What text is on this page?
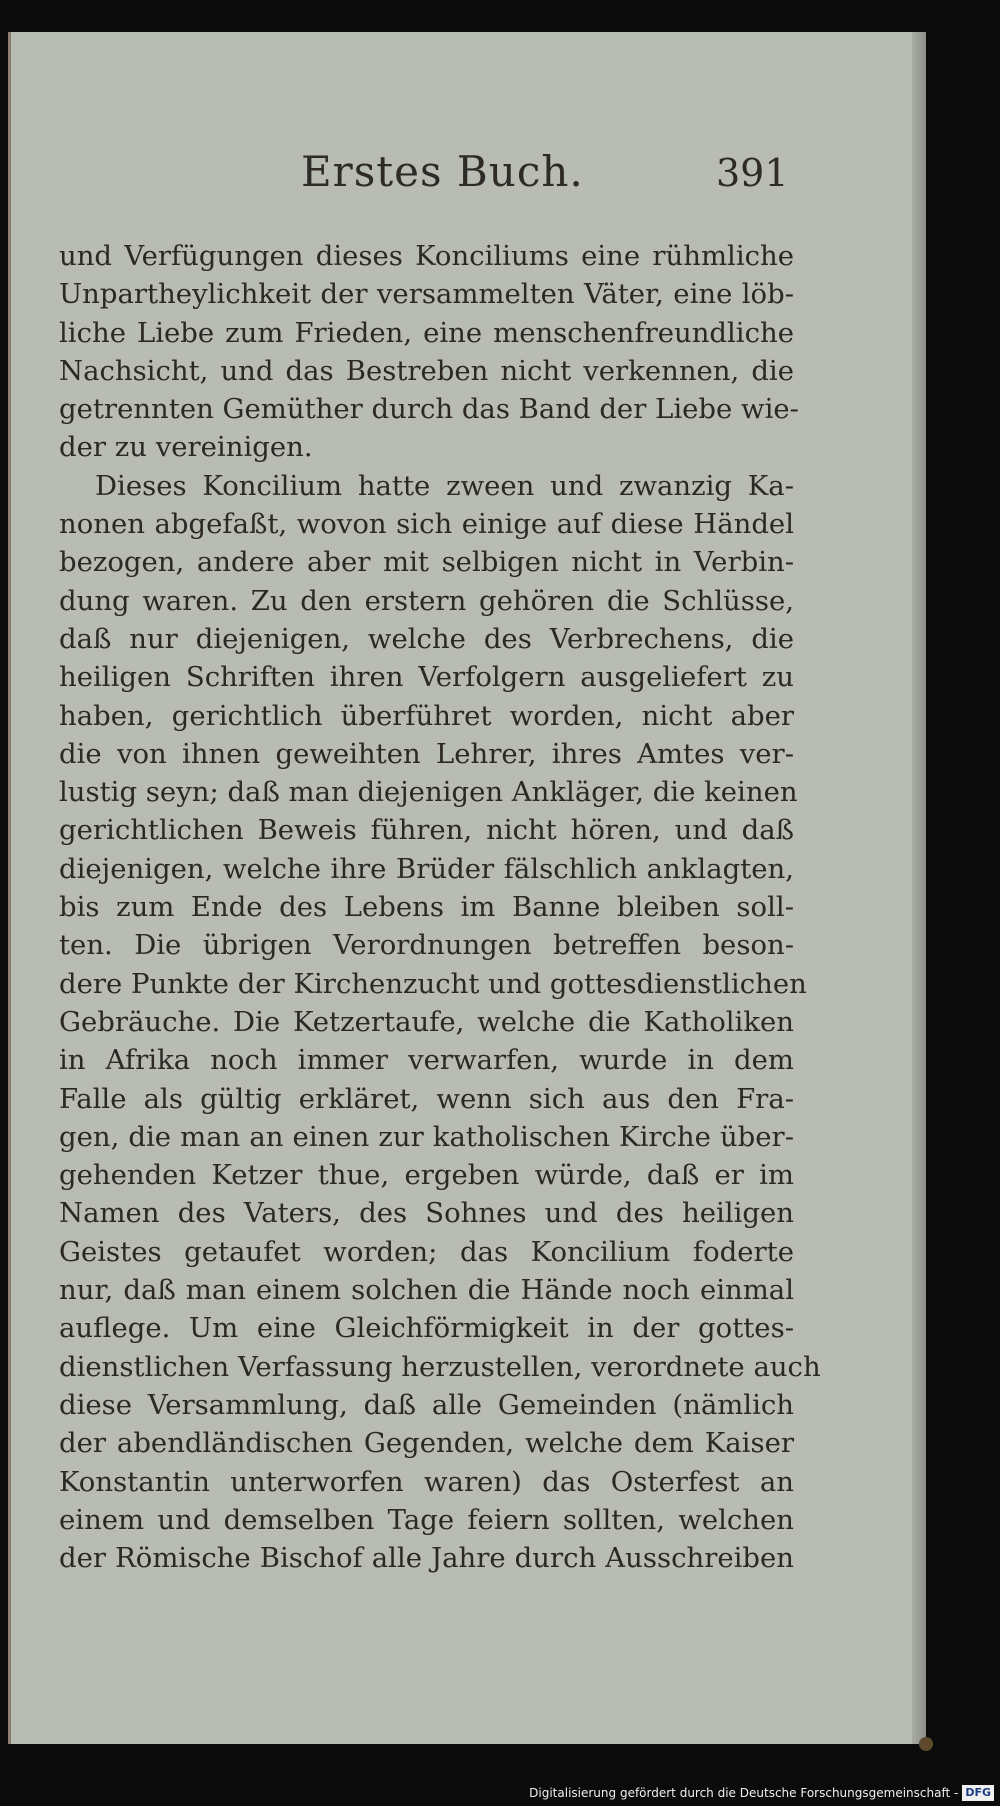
Erstes Buch.	391
und Verfügungen dieses Konciliums eine rühmliche
Unpartheylichkeit der versammelten Väter, eine löb-
liche Liebe zum Frieden, eine menschenfreundliche
Nachsicht, und das Bestreben nicht verkennen, die
getrennten Gemüther durch das Band der Liebe wie-
der zu vereinigen.
Dieses Koncilium hatte zween und zwanzig Ka-
nonen abgefaßt, wovon sich einige auf diese Händel
bezogen, andere aber mit selbigen nicht in Verbin-
dung waren. Zu den erstern gehören die Schlüsse,
daß nur diejenigen, welche des Verbrechens, die
heiligen Schriften ihren Verfolgern ausgeliefert zu
haben, gerichtlich überführet worden, nicht aber
die von ihnen geweihten Lehrer, ihres Amtes ver-
lustig seyn; daß man diejenigen Ankläger, die keinen
gerichtlichen Beweis führen, nicht hören, und daß
diejenigen, welche ihre Brüder fälschlich anklagten,
bis zum Ende des Lebens im Banne bleiben soll-
ten. Die übrigen Verordnungen betreffen beson-
dere Punkte der Kirchenzucht und gottesdienstlichen
Gebräuche. Die Ketzertaufe, welche die Katholiken
in Afrika noch immer verwarfen, wurde in dem
Falle als gültig erkläret, wenn sich aus den Fra-
gen, die man an einen zur katholischen Kirche über-
gehenden Ketzer thue, ergeben würde, daß er im
Namen des Vaters, des Sohnes und des heiligen
Geistes getaufet worden; das Koncilium foderte
nur, daß man einem solchen die Hände noch einmal
auflege. Um eine Gleichförmigkeit in der gottes-
dienstlichen Verfassung herzustellen, verordnete auch
diese Versammlung, daß alle Gemeinden (nämlich
der abendländischen Gegenden, welche dem Kaiser
Konstantin unterworfen waren) das Osterfest an
einem und demselben Tage feiern sollten, welchen
der Römische Bischof alle Jahre durch Ausschreiben
Digitalisierung gefördert durch die Deutsche Forschungsgemeinschaft - DFG
